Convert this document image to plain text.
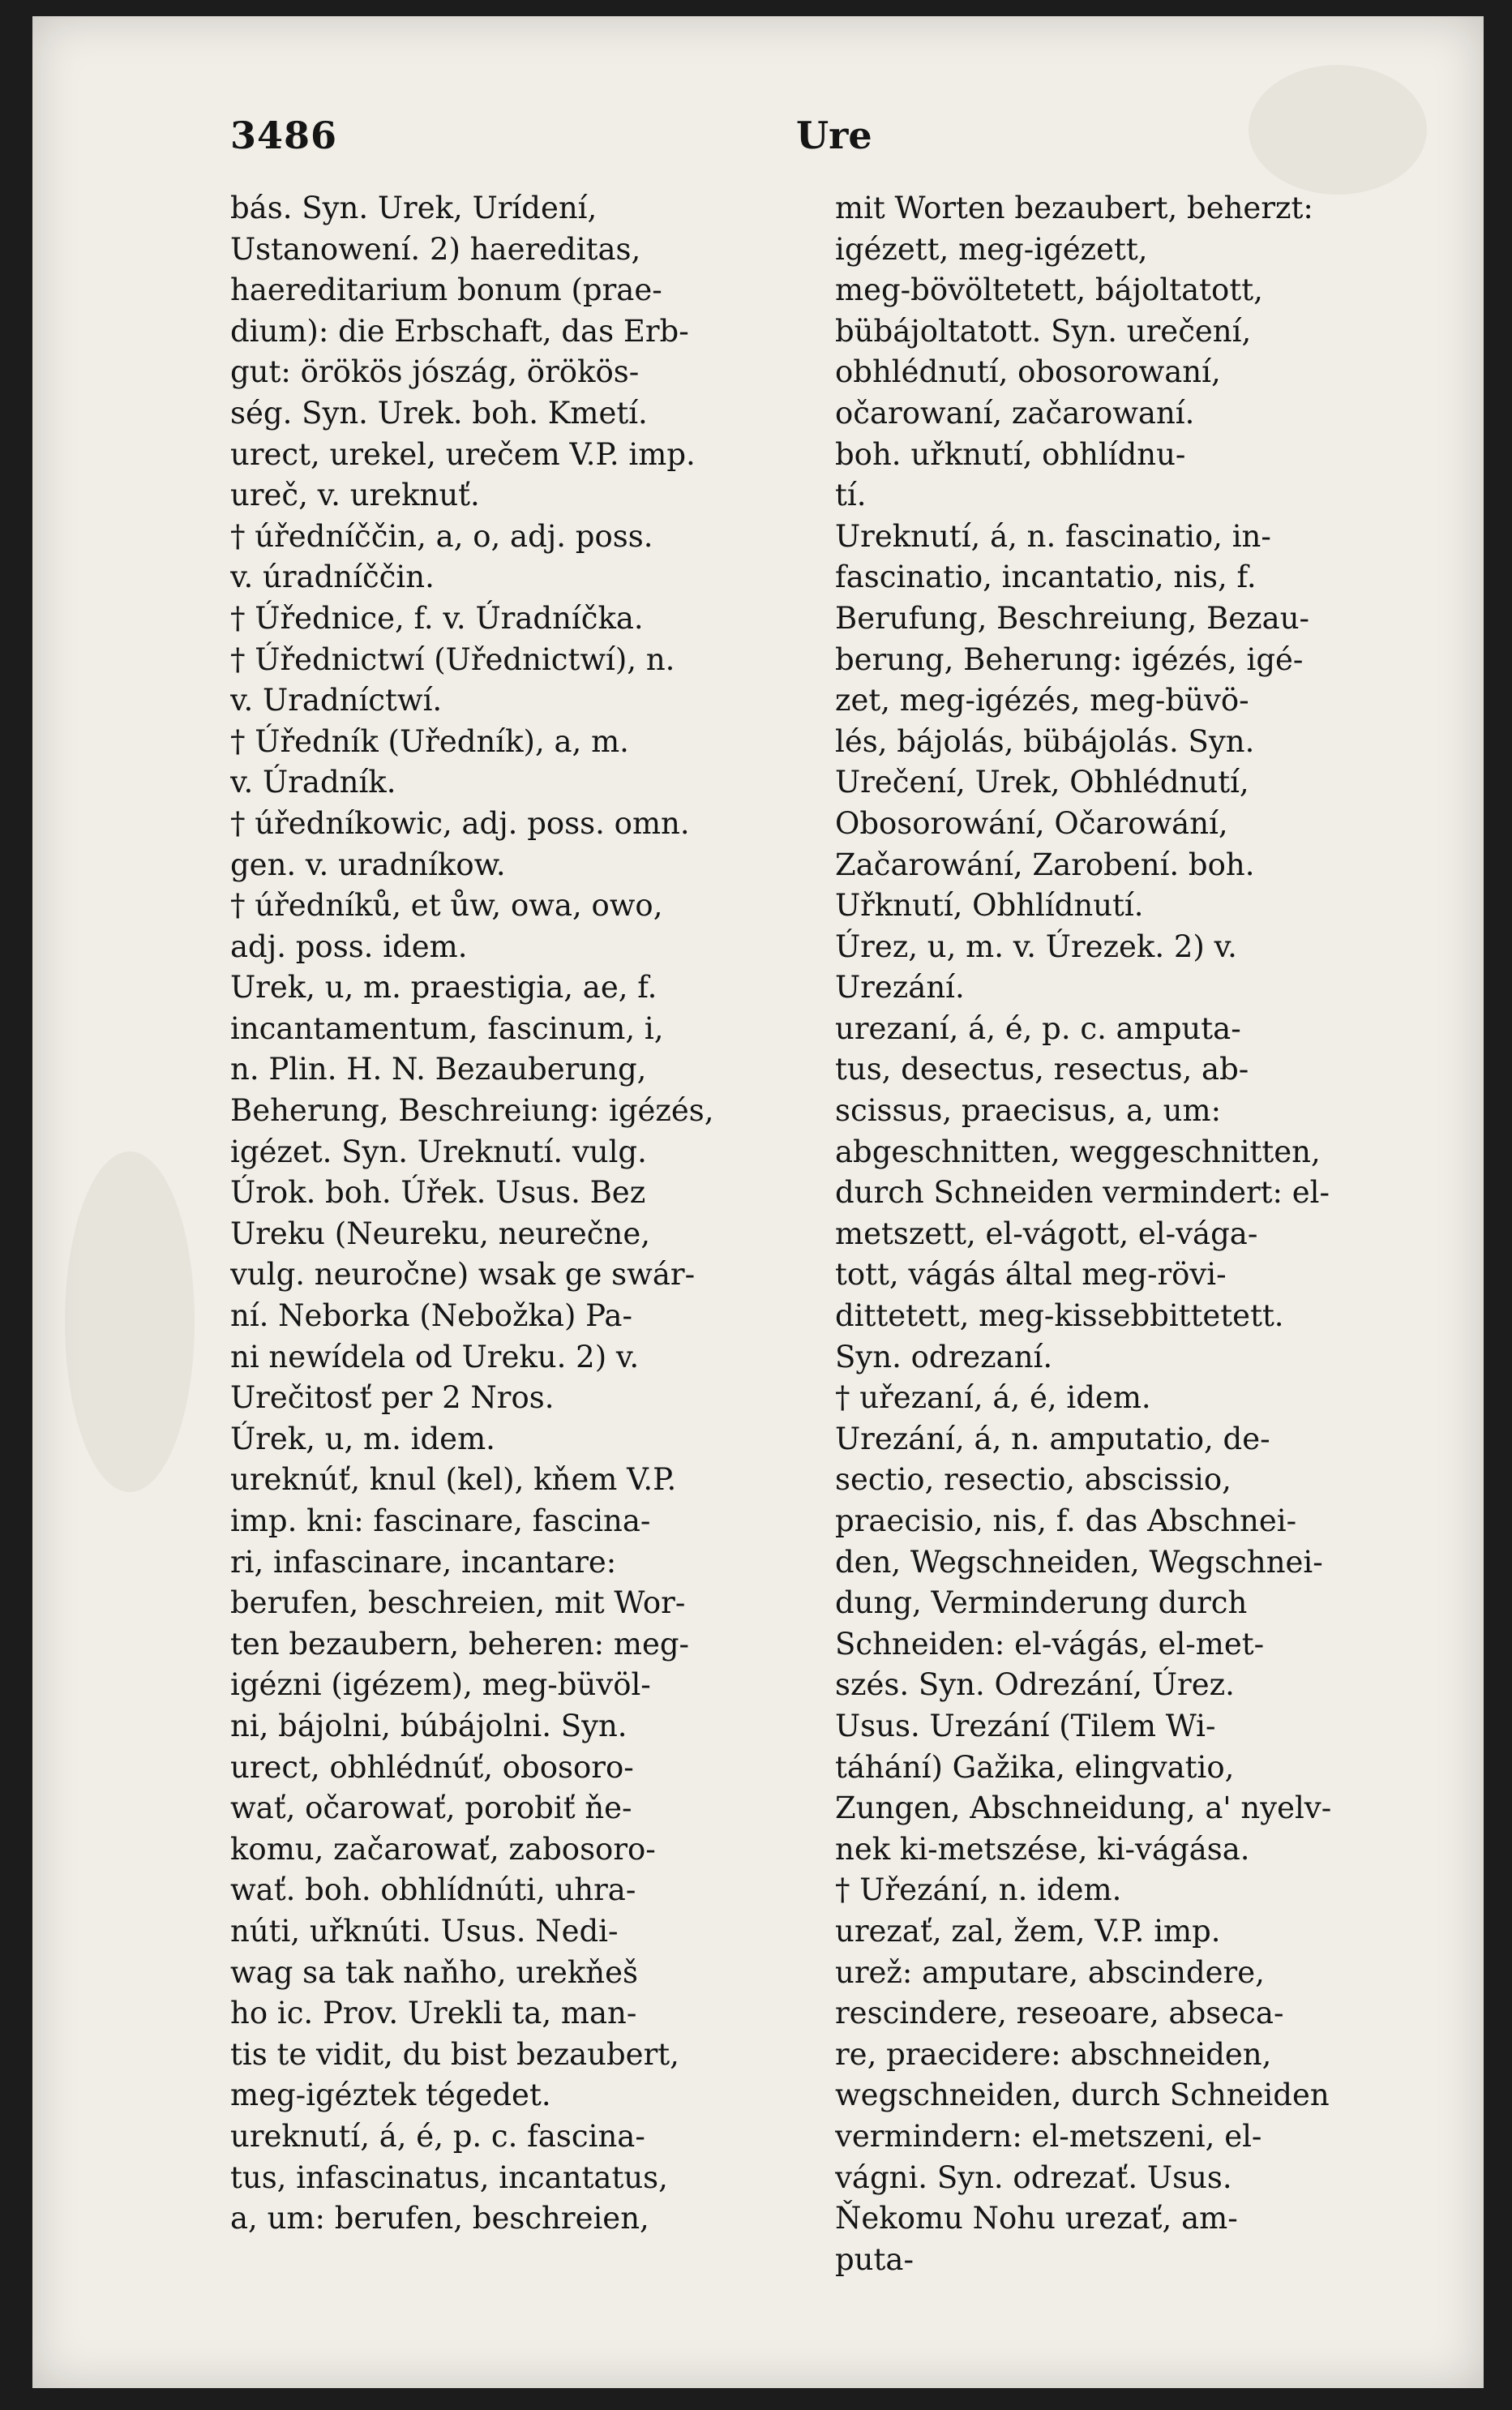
3486	Ure
bás. Syn. Urek, Urídení,
Ustanowení. 2) haereditas,
haereditarium bonum (prae-
dium): die Erbschaft, das Erb-
gut: örökös jószág, örökös-
ség. Syn. Urek. boh. Kmetí.
urect, urekel, urečem V.P. imp.
ureč, v. ureknuť.
† úředníččin, a, o, adj. poss.
v. úradníččin.
† Úřednice, f. v. Úradníčka.
† Úřednictwí (Uřednictwí), n.
v. Uradníctwí.
† Úředník (Uředník), a, m.
v. Úradník.
† úředníkowic, adj. poss. omn.
gen. v. uradníkow.
† úředníků, et ůw, owa, owo,
adj. poss. idem.
Urek, u, m. praestigia, ae, f.
incantamentum, fascinum, i,
n. Plin. H. N. Bezauberung,
Beherung, Beschreiung: igézés,
igézet. Syn. Ureknutí. vulg.
Úrok. boh. Úřek. Usus. Bez
Ureku (Neureku, neurečne,
vulg. neuročne) wsak ge swár-
ní. Neborka (Nebožka) Pa-
ni newídela od Ureku. 2) v.
Urečitosť per 2 Nros.
Úrek, u, m. idem.
ureknúť, knul (kel), kňem V.P.
imp. kni: fascinare, fascina-
ri, infascinare, incantare:
berufen, beschreien, mit Wor-
ten bezaubern, beheren: meg-
igézni (igézem), meg-büvöl-
ni, bájolni, búbájolni. Syn.
urect, obhlédnúť, obosoro-
wať, očarowať, porobiť ňe-
komu, začarowať, zabosoro-
wať. boh. obhlídnúti, uhra-
núti, uřknúti. Usus. Nedi-
wag sa tak naňho, urekňeš
ho ic. Prov. Urekli ta, man-
tis te vidit, du bist bezaubert,
meg-igéztek tégedet.
ureknutí, á, é, p. c. fascina-
tus, infascinatus, incantatus,
a, um: berufen, beschreien,
mit Worten bezaubert, beherzt:
igézett, meg-igézett,
meg-bövöltetett, bájoltatott,
bübájoltatott. Syn. urečení,
obhlédnutí, obosorowaní,
očarowaní, začarowaní.
boh. uřknutí, obhlídnu-
tí.
Ureknutí, á, n. fascinatio, in-
fascinatio, incantatio, nis, f.
Berufung, Beschreiung, Bezau-
berung, Beherung: igézés, igé-
zet, meg-igézés, meg-büvö-
lés, bájolás, bübájolás. Syn.
Urečení, Urek, Obhlédnutí,
Obosorowání, Očarowání,
Začarowání, Zarobení. boh.
Uřknutí, Obhlídnutí.
Úrez, u, m. v. Úrezek. 2) v.
Urezání.
urezaní, á, é, p. c. amputa-
tus, desectus, resectus, ab-
scissus, praecisus, a, um:
abgeschnitten, weggeschnitten,
durch Schneiden vermindert: el-
metszett, el-vágott, el-vága-
tott, vágás által meg-rövi-
dittetett, meg-kissebbittetett.
Syn. odrezaní.
† uřezaní, á, é, idem.
Urezání, á, n. amputatio, de-
sectio, resectio, abscissio,
praecisio, nis, f. das Abschnei-
den, Wegschneiden, Wegschnei-
dung, Verminderung durch
Schneiden: el-vágás, el-met-
szés. Syn. Odrezání, Úrez.
Usus. Urezání (Tilem Wi-
táhání) Gažika, elingvatio,
Zungen, Abschneidung, a' nyelv-
nek ki-metszése, ki-vágása.
† Uřezání, n. idem.
urezať, zal, žem, V.P. imp.
urež: amputare, abscindere,
rescindere, reseoare, abseca-
re, praecidere: abschneiden,
wegschneiden, durch Schneiden
vermindern: el-metszeni, el-
vágni. Syn. odrezať. Usus.
Ňekomu Nohu urezať, am-
puta-
